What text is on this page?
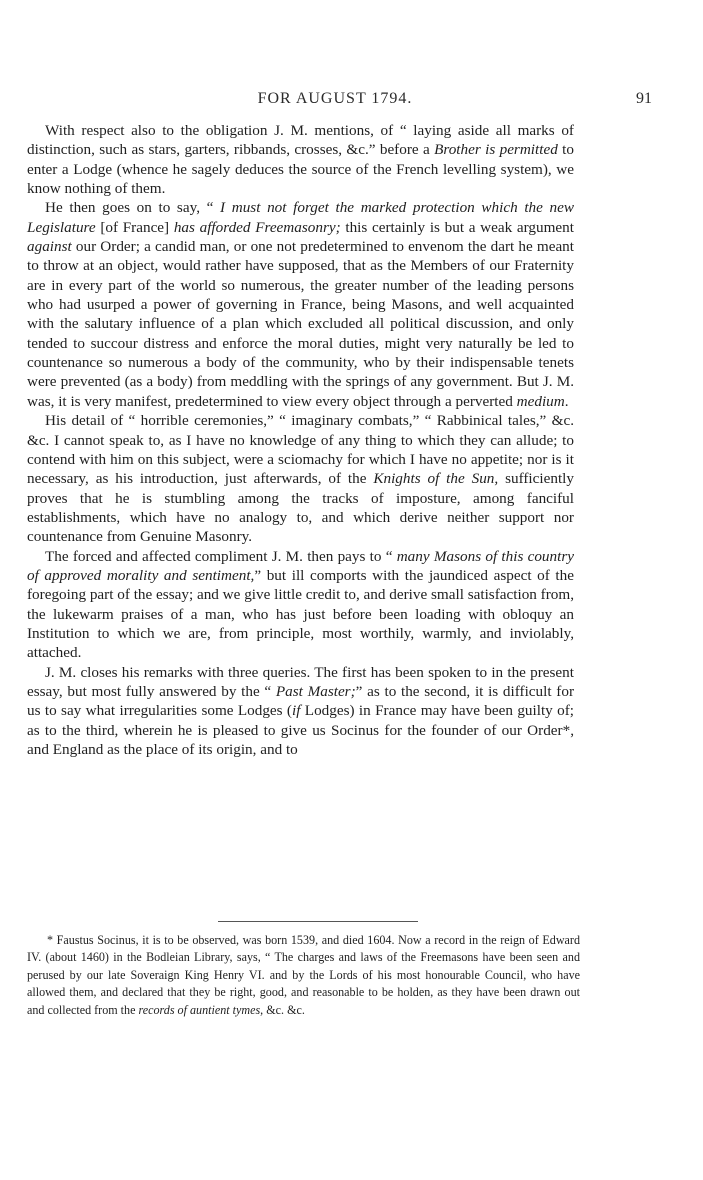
FOR AUGUST 1794.	91

With respect also to the obligation J. M. mentions, of “ laying aside all marks of distinction, such as stars, garters, ribbands, crosses, &c.” before a Brother is permitted to enter a Lodge (whence he sagely deduces the source of the French levelling system), we know nothing of them.

He then goes on to say, “ I must not forget the marked protection which the new Legislature [of France] has afforded Freemasonry; this certainly is but a weak argument against our Order; a candid man, or one not predetermined to envenom the dart he meant to throw at an object, would rather have supposed, that as the Members of our Fraternity are in every part of the world so numerous, the greater number of the leading persons who had usurped a power of governing in France, being Masons, and well acquainted with the salutary influence of a plan which excluded all political discussion, and only tended to succour distress and enforce the moral duties, might very naturally be led to countenance so numerous a body of the community, who by their indispensable tenets were prevented (as a body) from meddling with the springs of any government. But J. M. was, it is very manifest, predetermined to view every object through a perverted medium.

His detail of “ horrible ceremonies,” “ imaginary combats,” “ Rabbinical tales,” &c. &c. I cannot speak to, as I have no knowledge of any thing to which they can allude; to contend with him on this subject, were a sciomachy for which I have no appetite; nor is it necessary, as his introduction, just afterwards, of the Knights of the Sun, sufficiently proves that he is stumbling among the tracks of imposture, among fanciful establishments, which have no analogy to, and which derive neither support nor countenance from Genuine Masonry.

The forced and affected compliment J. M. then pays to “ many Masons of this country of approved morality and sentiment,” but ill comports with the jaundiced aspect of the foregoing part of the essay; and we give little credit to, and derive small satisfaction from, the lukewarm praises of a man, who has just before been loading with obloquy an Institution to which we are, from principle, most worthily, warmly, and inviolably, attached.

J. M. closes his remarks with three queries. The first has been spoken to in the present essay, but most fully answered by the “ Past Master;” as to the second, it is difficult for us to say what irregularities some Lodges (if Lodges) in France may have been guilty of; as to the third, wherein he is pleased to give us Socinus for the founder of our Order*, and England as the place of its origin, and to

* Faustus Socinus, it is to be observed, was born 1539, and died 1604. Now a record in the reign of Edward IV. (about 1460) in the Bodleian Library, says, “ The charges and laws of the Freemasons have been seen and perused by our late Soveraign King Henry VI. and by the Lords of his most honourable Council, who have allowed them, and declared that they be right, good, and reasonable to be holden, as they have been drawn out and collected from the records of auntient tymes, &c. &c.
